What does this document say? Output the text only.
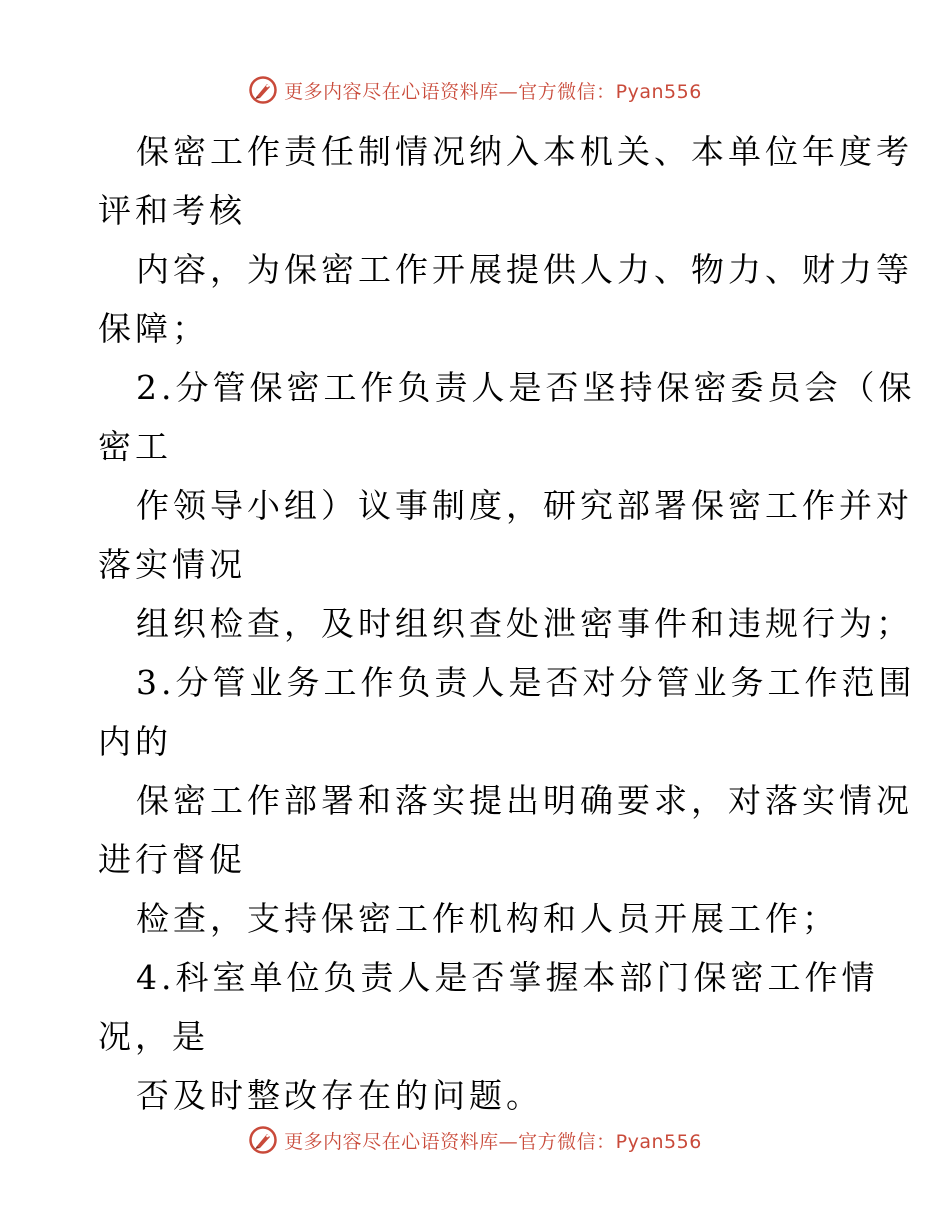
更多内容尽在心语资料库—官方微信：Pyan556
保密工作责任制情况纳入本机关、本单位年度考
评和考核
内容，为保密工作开展提供人力、物力、财力等
保障；
2.分管保密工作负责人是否坚持保密委员会（保
密工
作领导小组）议事制度，研究部署保密工作并对
落实情况
组织检查，及时组织查处泄密事件和违规行为；
3.分管业务工作负责人是否对分管业务工作范围
内的
保密工作部署和落实提出明确要求，对落实情况
进行督促
检查，支持保密工作机构和人员开展工作；
4.科室单位负责人是否掌握本部门保密工作情
况，是
否及时整改存在的问题。
更多内容尽在心语资料库—官方微信：Pyan556
